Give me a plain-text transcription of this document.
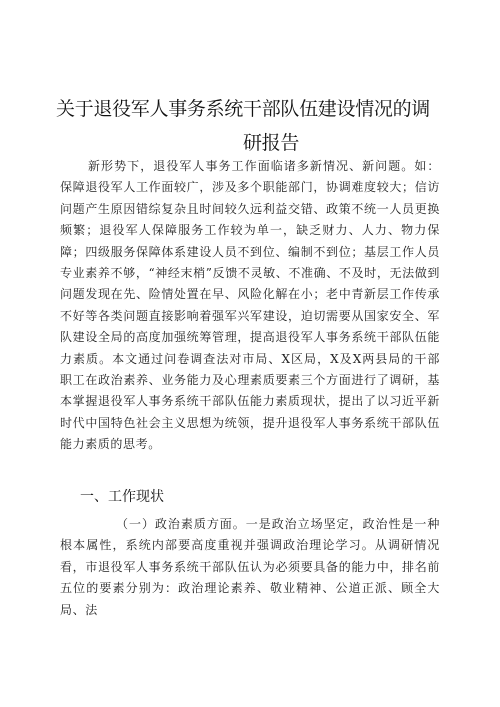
关于退役军人事务系统干部队伍建设情况的调
研报告

新形势下，退役军人事务工作面临诸多新情况、新问题。如：保障退役军人工作面较广，涉及多个职能部门，协调难度较大；信访问题产生原因错综复杂且时间较久远利益交错、政策不统一人员更换频繁；退役军人保障服务工作较为单一，缺乏财力、人力、物力保障；四级服务保障体系建设人员不到位、编制不到位；基层工作人员专业素养不够，“神经末梢”反馈不灵敏、不准确、不及时，无法做到问题发现在先、险情处置在早、风险化解在小；老中青新层工作传承不好等各类问题直接影响着强军兴军建设，迫切需要从国家安全、军队建设全局的高度加强统筹管理，提高退役军人事务系统干部队伍能力素质。本文通过问卷调查法对市局、X区局，X及X两县局的干部职工在政治素养、业务能力及心理素质要素三个方面进行了调研，基本掌握退役军人事务系统干部队伍能力素质现状，提出了以习近平新时代中国特色社会主义思想为统领，提升退役军人事务系统干部队伍能力素质的思考。

（一）政治素质方面。一是政治立场坚定，政治性是一种根本属性，系统内部要高度重视并强调政治理论学习。从调研情况看，市退役军人事务系统干部队伍认为必须要具备的能力中，排名前五位的要素分别为：政治理论素养、敬业精神、公道正派、顾全大局、法

一、工作现状
